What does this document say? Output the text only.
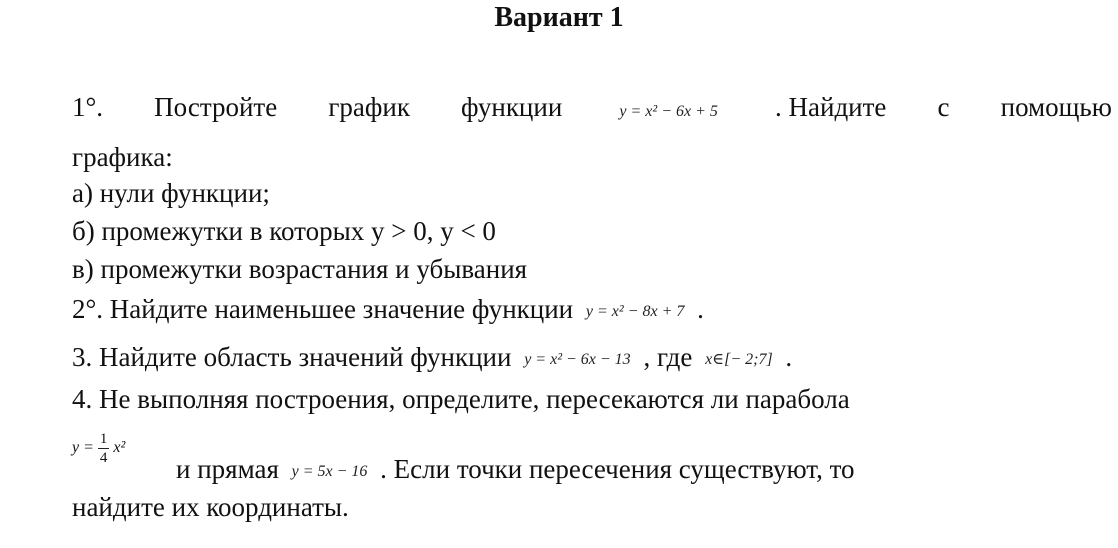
Вариант 1
1°. Постройте график функции	y = x² − 6x + 5 . Найдите с помощью
графика:
а) нули функции;
б) промежутки в которых у > 0, у < 0
в) промежутки возрастания и убывания
2°. Найдите наименьшее значение функции y = x² − 8x + 7 .
3. Найдите область значений функции y = x² − 6x − 13 , где x∈[− 2;7] .
4. Не выполняя построения, определите, пересекаются ли парабола
$y = \frac{1}{4} x^2$
и прямая y = 5x − 16 . Если точки пересечения существуют, то
найдите их координаты.
